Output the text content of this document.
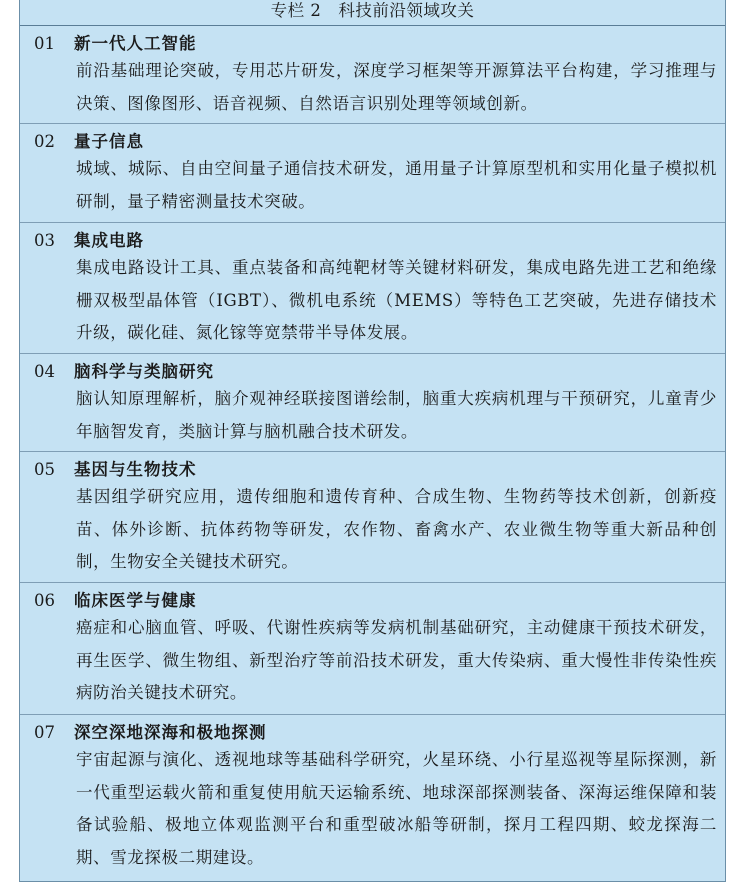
专栏 2　科技前沿领域攻关
01 新一代人工智能
前沿基础理论突破，专用芯片研发，深度学习框架等开源算法平台构建，学习推理与决策、图像图形、语音视频、自然语言识别处理等领域创新。
02 量子信息
城域、城际、自由空间量子通信技术研发，通用量子计算原型机和实用化量子模拟机研制，量子精密测量技术突破。
03 集成电路
集成电路设计工具、重点装备和高纯靶材等关键材料研发，集成电路先进工艺和绝缘栅双极型晶体管（IGBT）、微机电系统（MEMS）等特色工艺突破，先进存储技术升级，碳化硅、氮化镓等宽禁带半导体发展。
04 脑科学与类脑研究
脑认知原理解析，脑介观神经联接图谱绘制，脑重大疾病机理与干预研究，儿童青少年脑智发育，类脑计算与脑机融合技术研发。
05 基因与生物技术
基因组学研究应用，遗传细胞和遗传育种、合成生物、生物药等技术创新，创新疫苗、体外诊断、抗体药物等研发，农作物、畜禽水产、农业微生物等重大新品种创制，生物安全关键技术研究。
06 临床医学与健康
癌症和心脑血管、呼吸、代谢性疾病等发病机制基础研究，主动健康干预技术研发，再生医学、微生物组、新型治疗等前沿技术研发，重大传染病、重大慢性非传染性疾病防治关键技术研究。
07 深空深地深海和极地探测
宇宙起源与演化、透视地球等基础科学研究，火星环绕、小行星巡视等星际探测，新一代重型运载火箭和重复使用航天运输系统、地球深部探测装备、深海运维保障和装备试验船、极地立体观监测平台和重型破冰船等研制，探月工程四期、蛟龙探海二期、雪龙探极二期建设。
